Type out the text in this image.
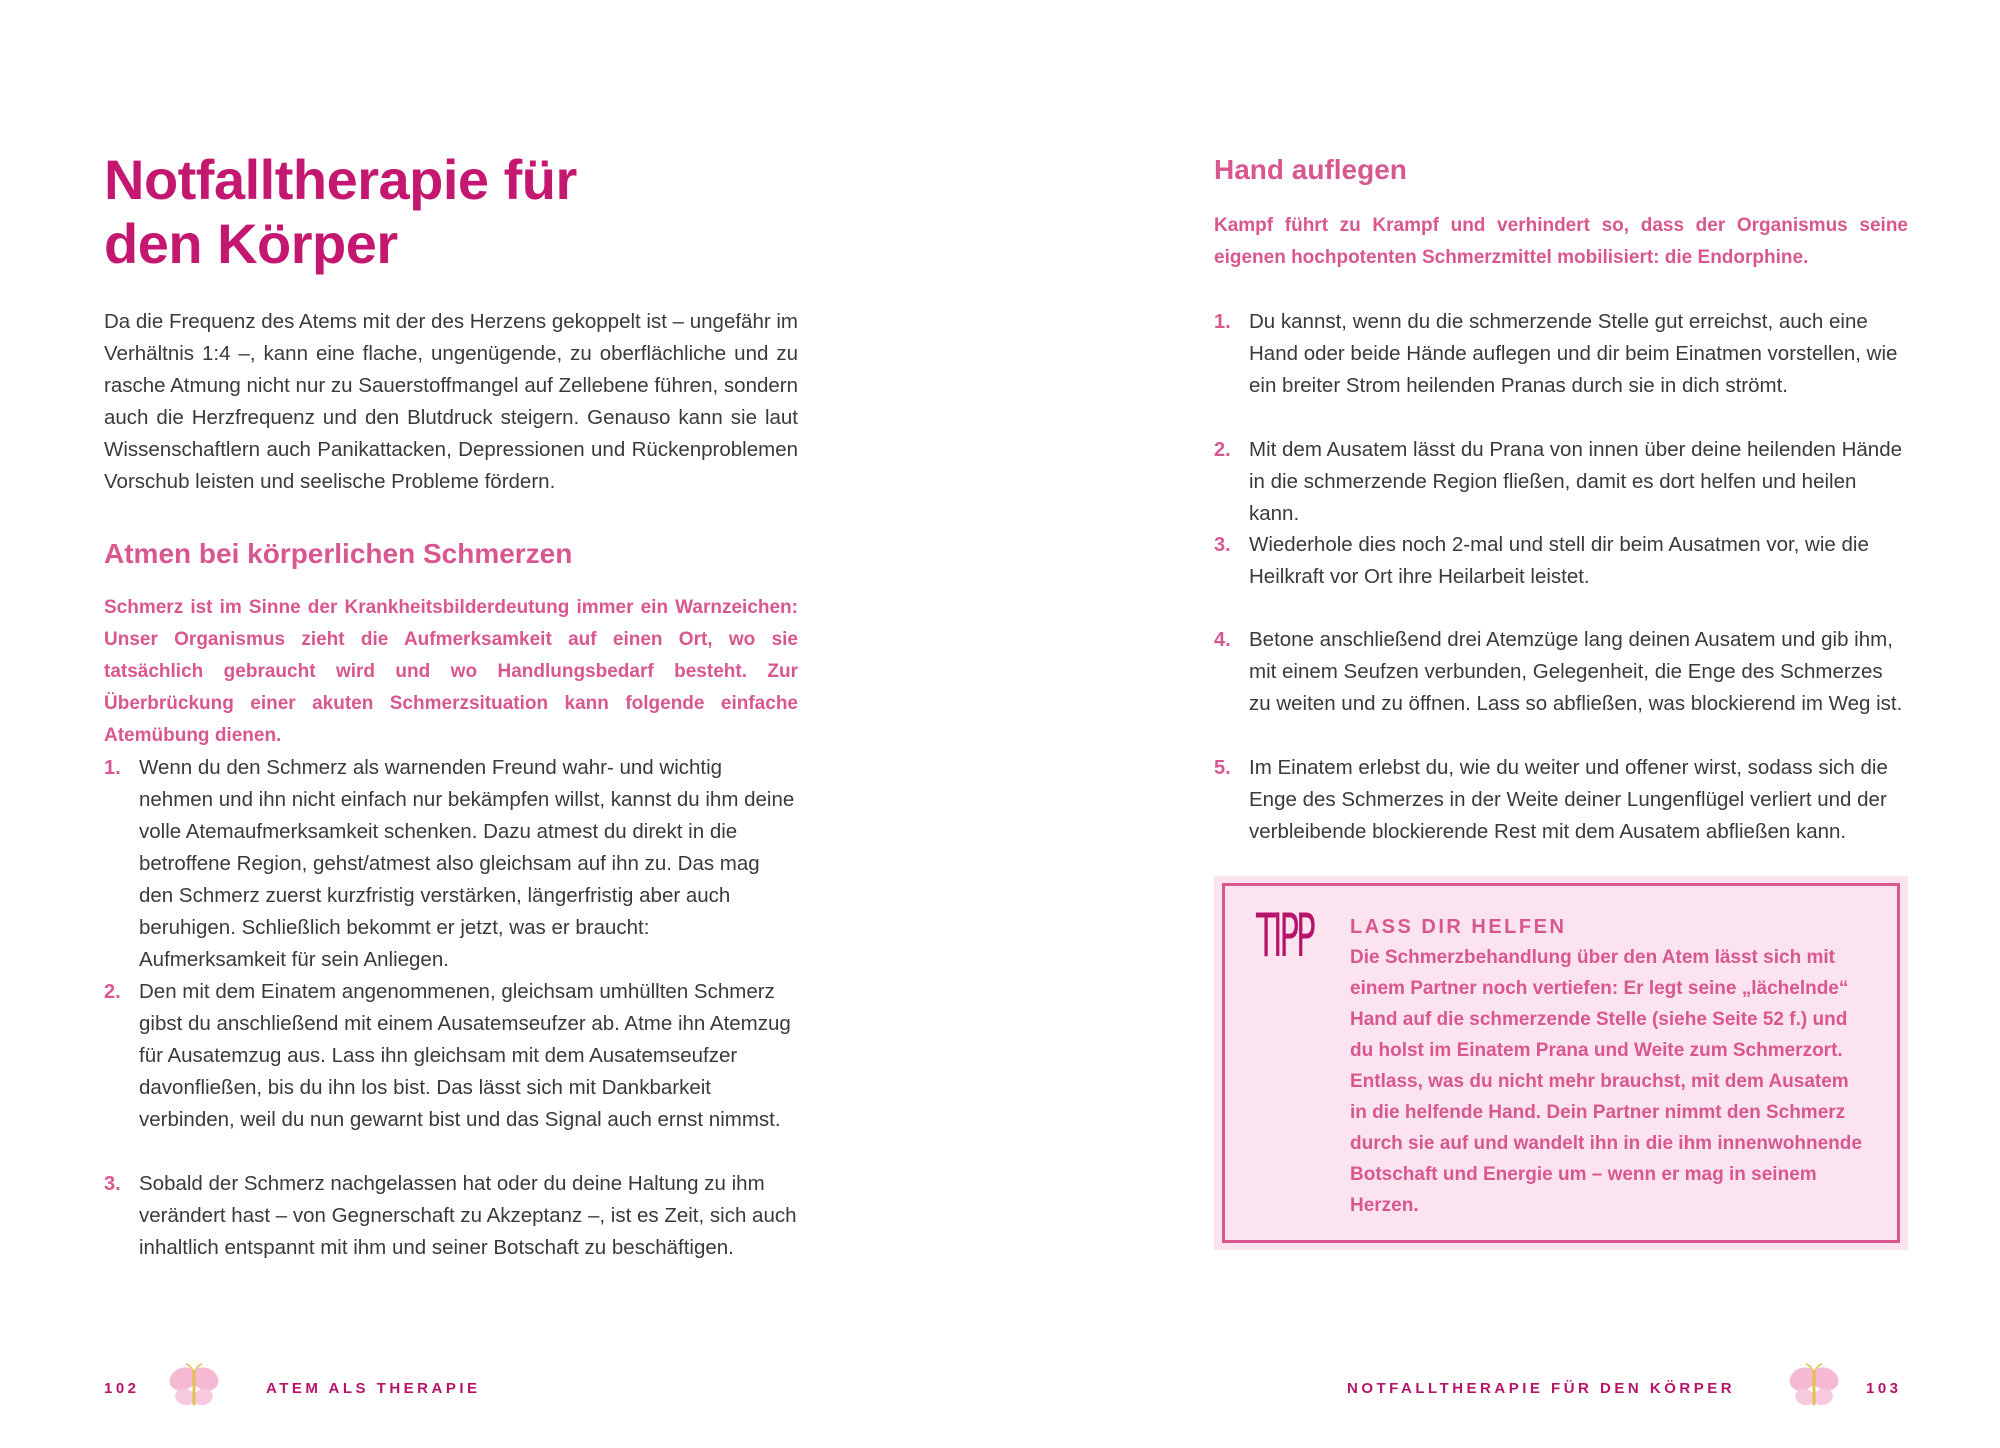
Notfalltherapie für
den Körper

Da die Frequenz des Atems mit der des Herzens gekoppelt ist – ungefähr im Verhältnis 1:4 –, kann eine flache, ungenügende, zu oberflächliche und zu rasche Atmung nicht nur zu Sauerstoffmangel auf Zellebene führen, sondern auch die Herzfrequenz und den Blutdruck steigern. Genauso kann sie laut Wissenschaftlern auch Panikattacken, Depressionen und Rückenproblemen Vorschub leisten und seelische Probleme fördern.

Atmen bei körperlichen Schmerzen

Schmerz ist im Sinne der Krankheitsbilderdeutung immer ein Warnzeichen: Unser Organismus zieht die Aufmerksamkeit auf einen Ort, wo sie tatsächlich gebraucht wird und wo Handlungsbedarf besteht. Zur Überbrückung einer akuten Schmerzsituation kann folgende einfache Atemübung dienen.

1. Wenn du den Schmerz als warnenden Freund wahr- und wichtig nehmen und ihn nicht einfach nur bekämpfen willst, kannst du ihm deine volle Atemaufmerksamkeit schenken. Dazu atmest du direkt in die betroffene Region, gehst/atmest also gleichsam auf ihn zu. Das mag den Schmerz zuerst kurzfristig verstärken, längerfristig aber auch beruhigen. Schließlich bekommt er jetzt, was er braucht: Aufmerksamkeit für sein Anliegen.

2. Den mit dem Einatem angenommenen, gleichsam umhüllten Schmerz gibst du anschließend mit einem Ausatemseufzer ab. Atme ihn Atemzug für Ausatemzug aus. Lass ihn gleichsam mit dem Ausatemseufzer davonfließen, bis du ihn los bist. Das lässt sich mit Dankbarkeit verbinden, weil du nun gewarnt bist und das Signal auch ernst nimmst.

3. Sobald der Schmerz nachgelassen hat oder du deine Haltung zu ihm verändert hast – von Gegnerschaft zu Akzeptanz –, ist es Zeit, sich auch inhaltlich entspannt mit ihm und seiner Botschaft zu beschäftigen.

102	ATEM ALS THERAPIE
Hand auflegen

Kampf führt zu Krampf und verhindert so, dass der Organismus seine eigenen hochpotenten Schmerzmittel mobilisiert: die Endorphine.

1. Du kannst, wenn du die schmerzende Stelle gut erreichst, auch eine Hand oder beide Hände auflegen und dir beim Einatmen vorstellen, wie ein breiter Strom heilenden Pranas durch sie in dich strömt.

2. Mit dem Ausatem lässt du Prana von innen über deine heilenden Hände in die schmerzende Region fließen, damit es dort helfen und heilen kann.

3. Wiederhole dies noch 2-mal und stell dir beim Ausatmen vor, wie die Heilkraft vor Ort ihre Heilarbeit leistet.

4. Betone anschließend drei Atemzüge lang deinen Ausatem und gib ihm, mit einem Seufzen verbunden, Gelegenheit, die Enge des Schmerzes zu weiten und zu öffnen. Lass so abfließen, was blockierend im Weg ist.

5. Im Einatem erlebst du, wie du weiter und offener wirst, sodass sich die Enge des Schmerzes in der Weite deiner Lungenflügel verliert und der verbleibende blockierende Rest mit dem Ausatem abfließen kann.

TIPP LASS DIR HELFEN

Die Schmerzbehandlung über den Atem lässt sich mit einem Partner noch vertiefen: Er legt seine „lächelnde“ Hand auf die schmerzende Stelle (siehe Seite 52 f.) und du holst im Einatem Prana und Weite zum Schmerzort. Entlass, was du nicht mehr brauchst, mit dem Ausatem in die helfende Hand. Dein Partner nimmt den Schmerz durch sie auf und wandelt ihn in die ihm innenwohnende Botschaft und Energie um – wenn er mag in seinem Herzen.

NOTFALLTHERAPIE FÜR DEN KÖRPER	103
